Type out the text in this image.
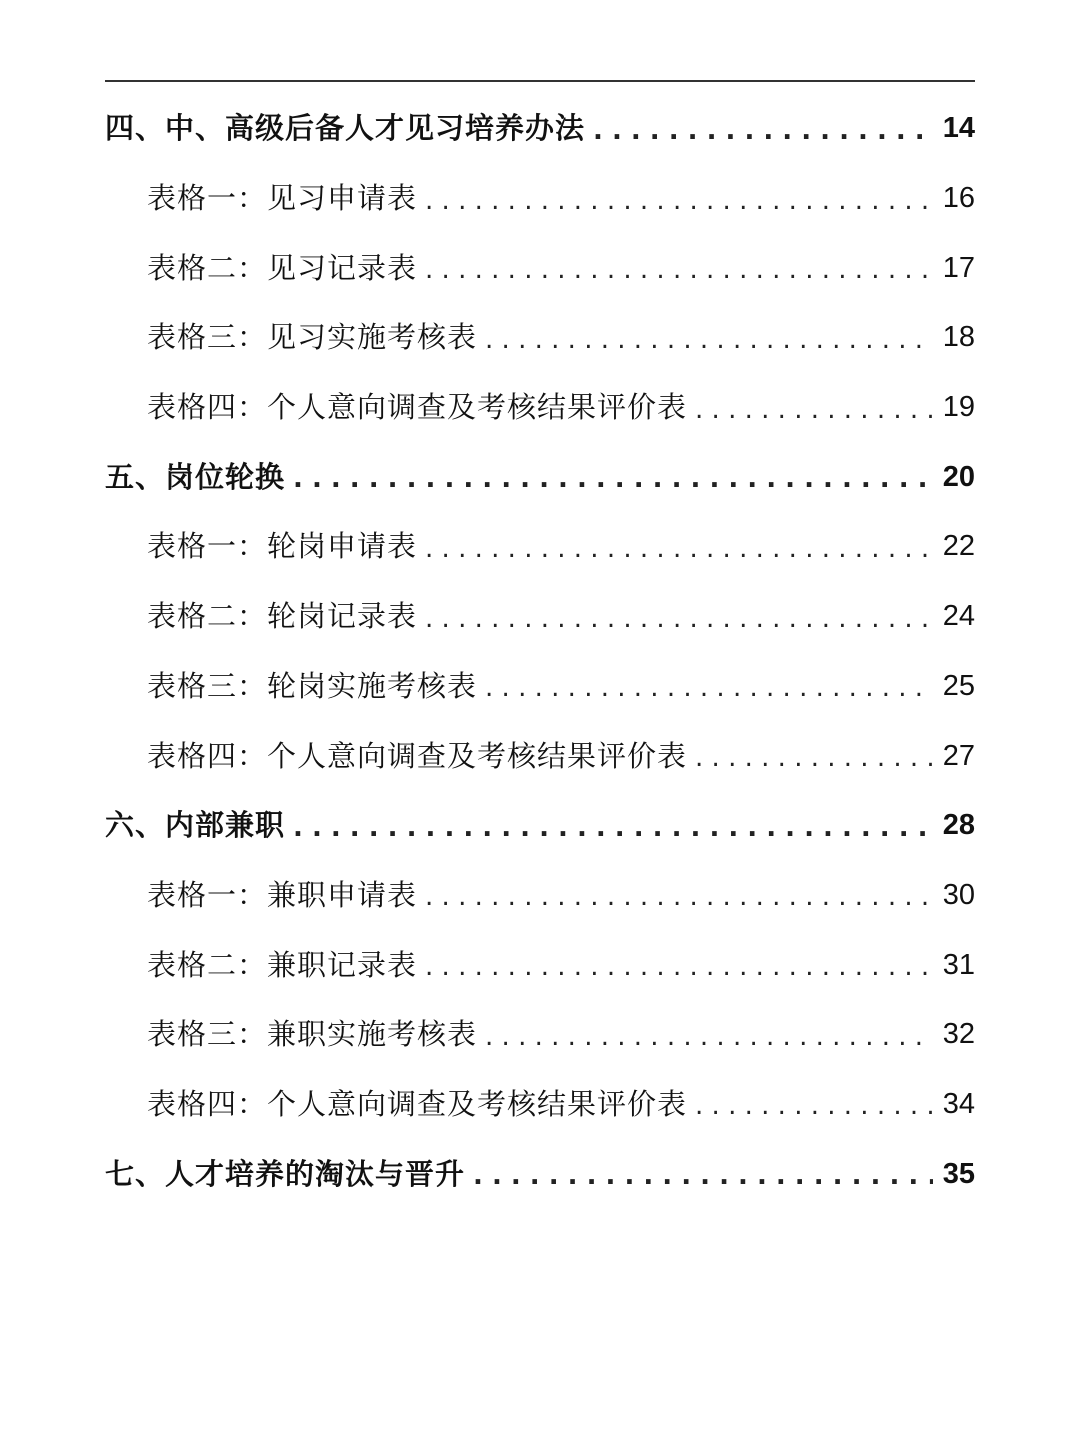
四、中、高级后备人才见习培养办法 . . .	14
表格一：见习申请表 . . .	16
表格二：见习记录表 . . .	17
表格三：见习实施考核表 . . .	18
表格四：个人意向调查及考核结果评价表 . . .	19
五、岗位轮换 . . .	20
表格一：轮岗申请表 . . .	22
表格二：轮岗记录表 . . .	24
表格三：轮岗实施考核表 . . .	25
表格四：个人意向调查及考核结果评价表 . . .	27
六、内部兼职 . . .	28
表格一：兼职申请表 . . .	30
表格二：兼职记录表 . . .	31
表格三：兼职实施考核表 . . .	32
表格四：个人意向调查及考核结果评价表 . . .	34
七、人才培养的淘汰与晋升 . . .	35
